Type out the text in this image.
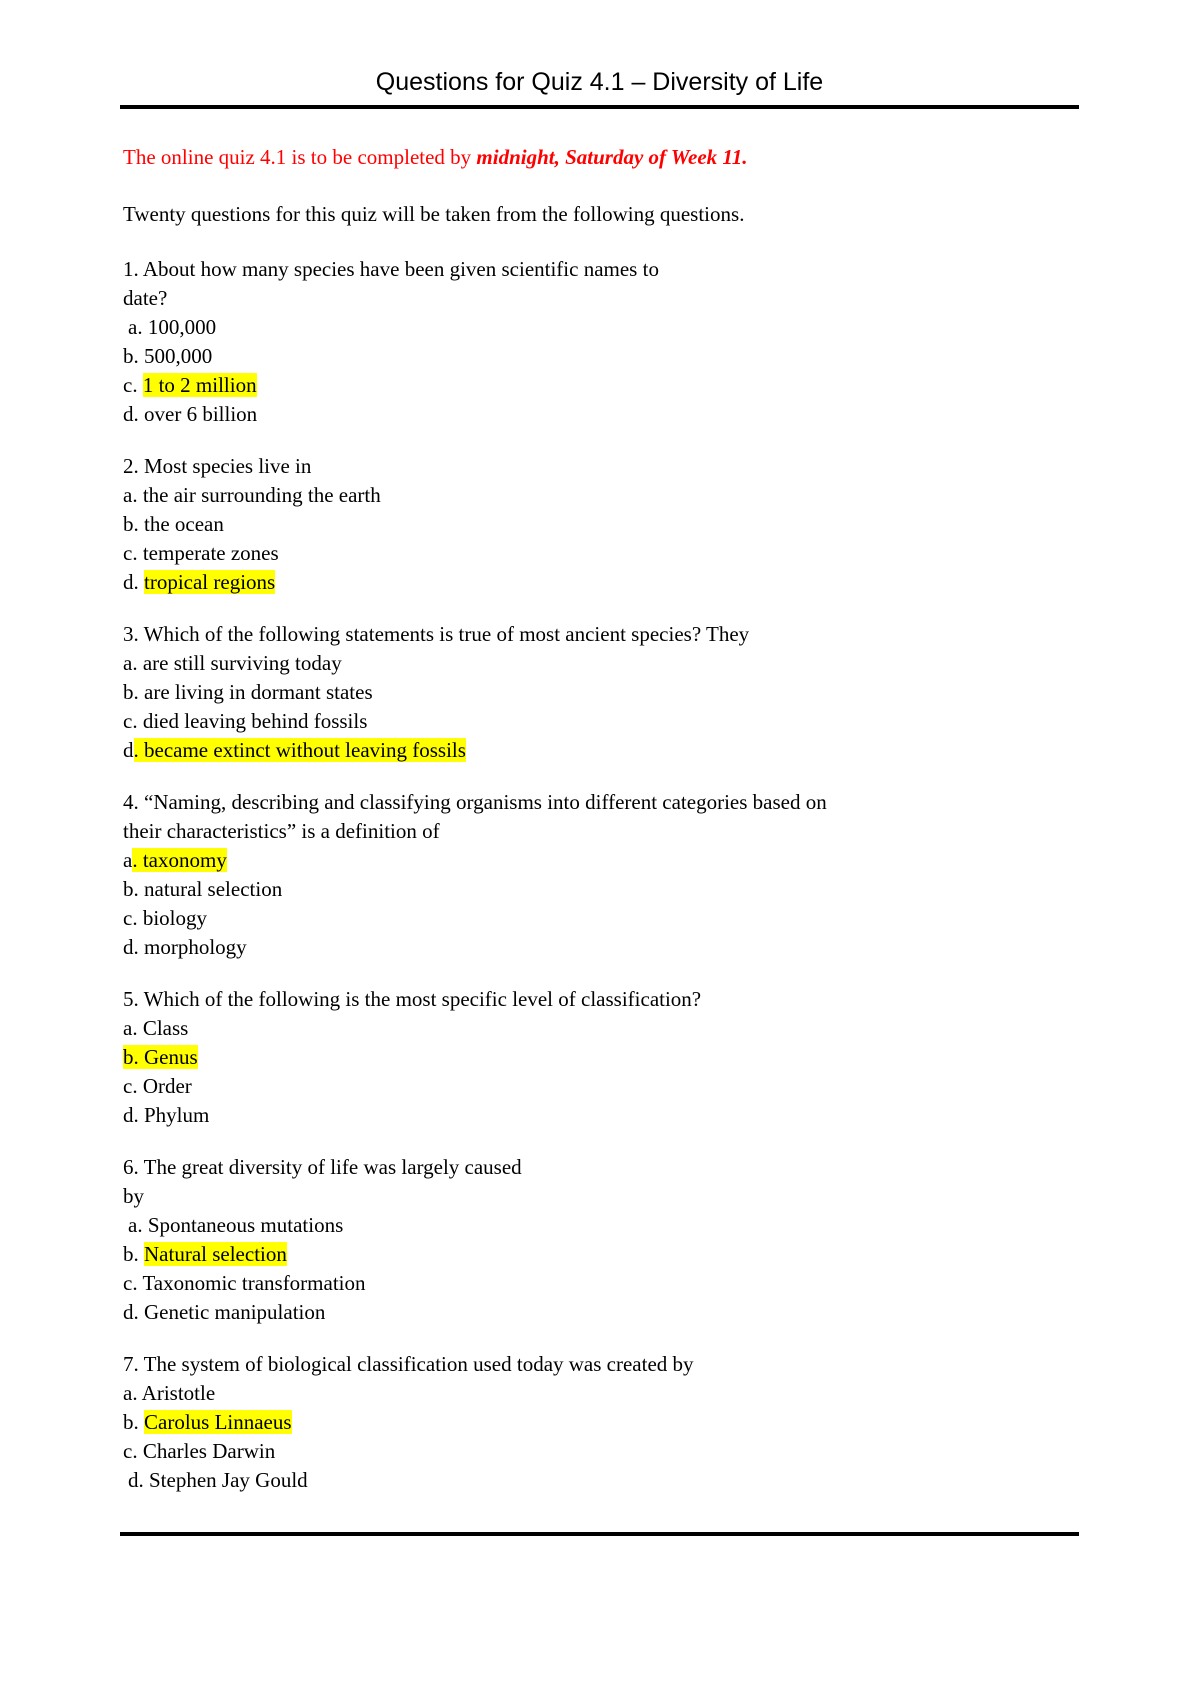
Questions for Quiz 4.1 – Diversity of Life
The online quiz 4.1 is to be completed by midnight, Saturday of Week 11.
Twenty questions for this quiz will be taken from the following questions.
1. About how many species have been given scientific names to
date?
a. 100,000
b. 500,000
c. 1 to 2 million
d. over 6 billion
2. Most species live in
a. the air surrounding the earth
b. the ocean
c. temperate zones
d. tropical regions
3. Which of the following statements is true of most ancient species? They
a. are still surviving today
b. are living in dormant states
c. died leaving behind fossils
d. became extinct without leaving fossils
4. “Naming, describing and classifying organisms into different categories based on
their characteristics” is a definition of
a. taxonomy
b. natural selection
c. biology
d. morphology
5. Which of the following is the most specific level of classification?
a. Class
b. Genus
c. Order
d. Phylum
6. The great diversity of life was largely caused
by
a. Spontaneous mutations
b. Natural selection
c. Taxonomic transformation
d. Genetic manipulation
7. The system of biological classification used today was created by
a. Aristotle
b. Carolus Linnaeus
c. Charles Darwin
d. Stephen Jay Gould
